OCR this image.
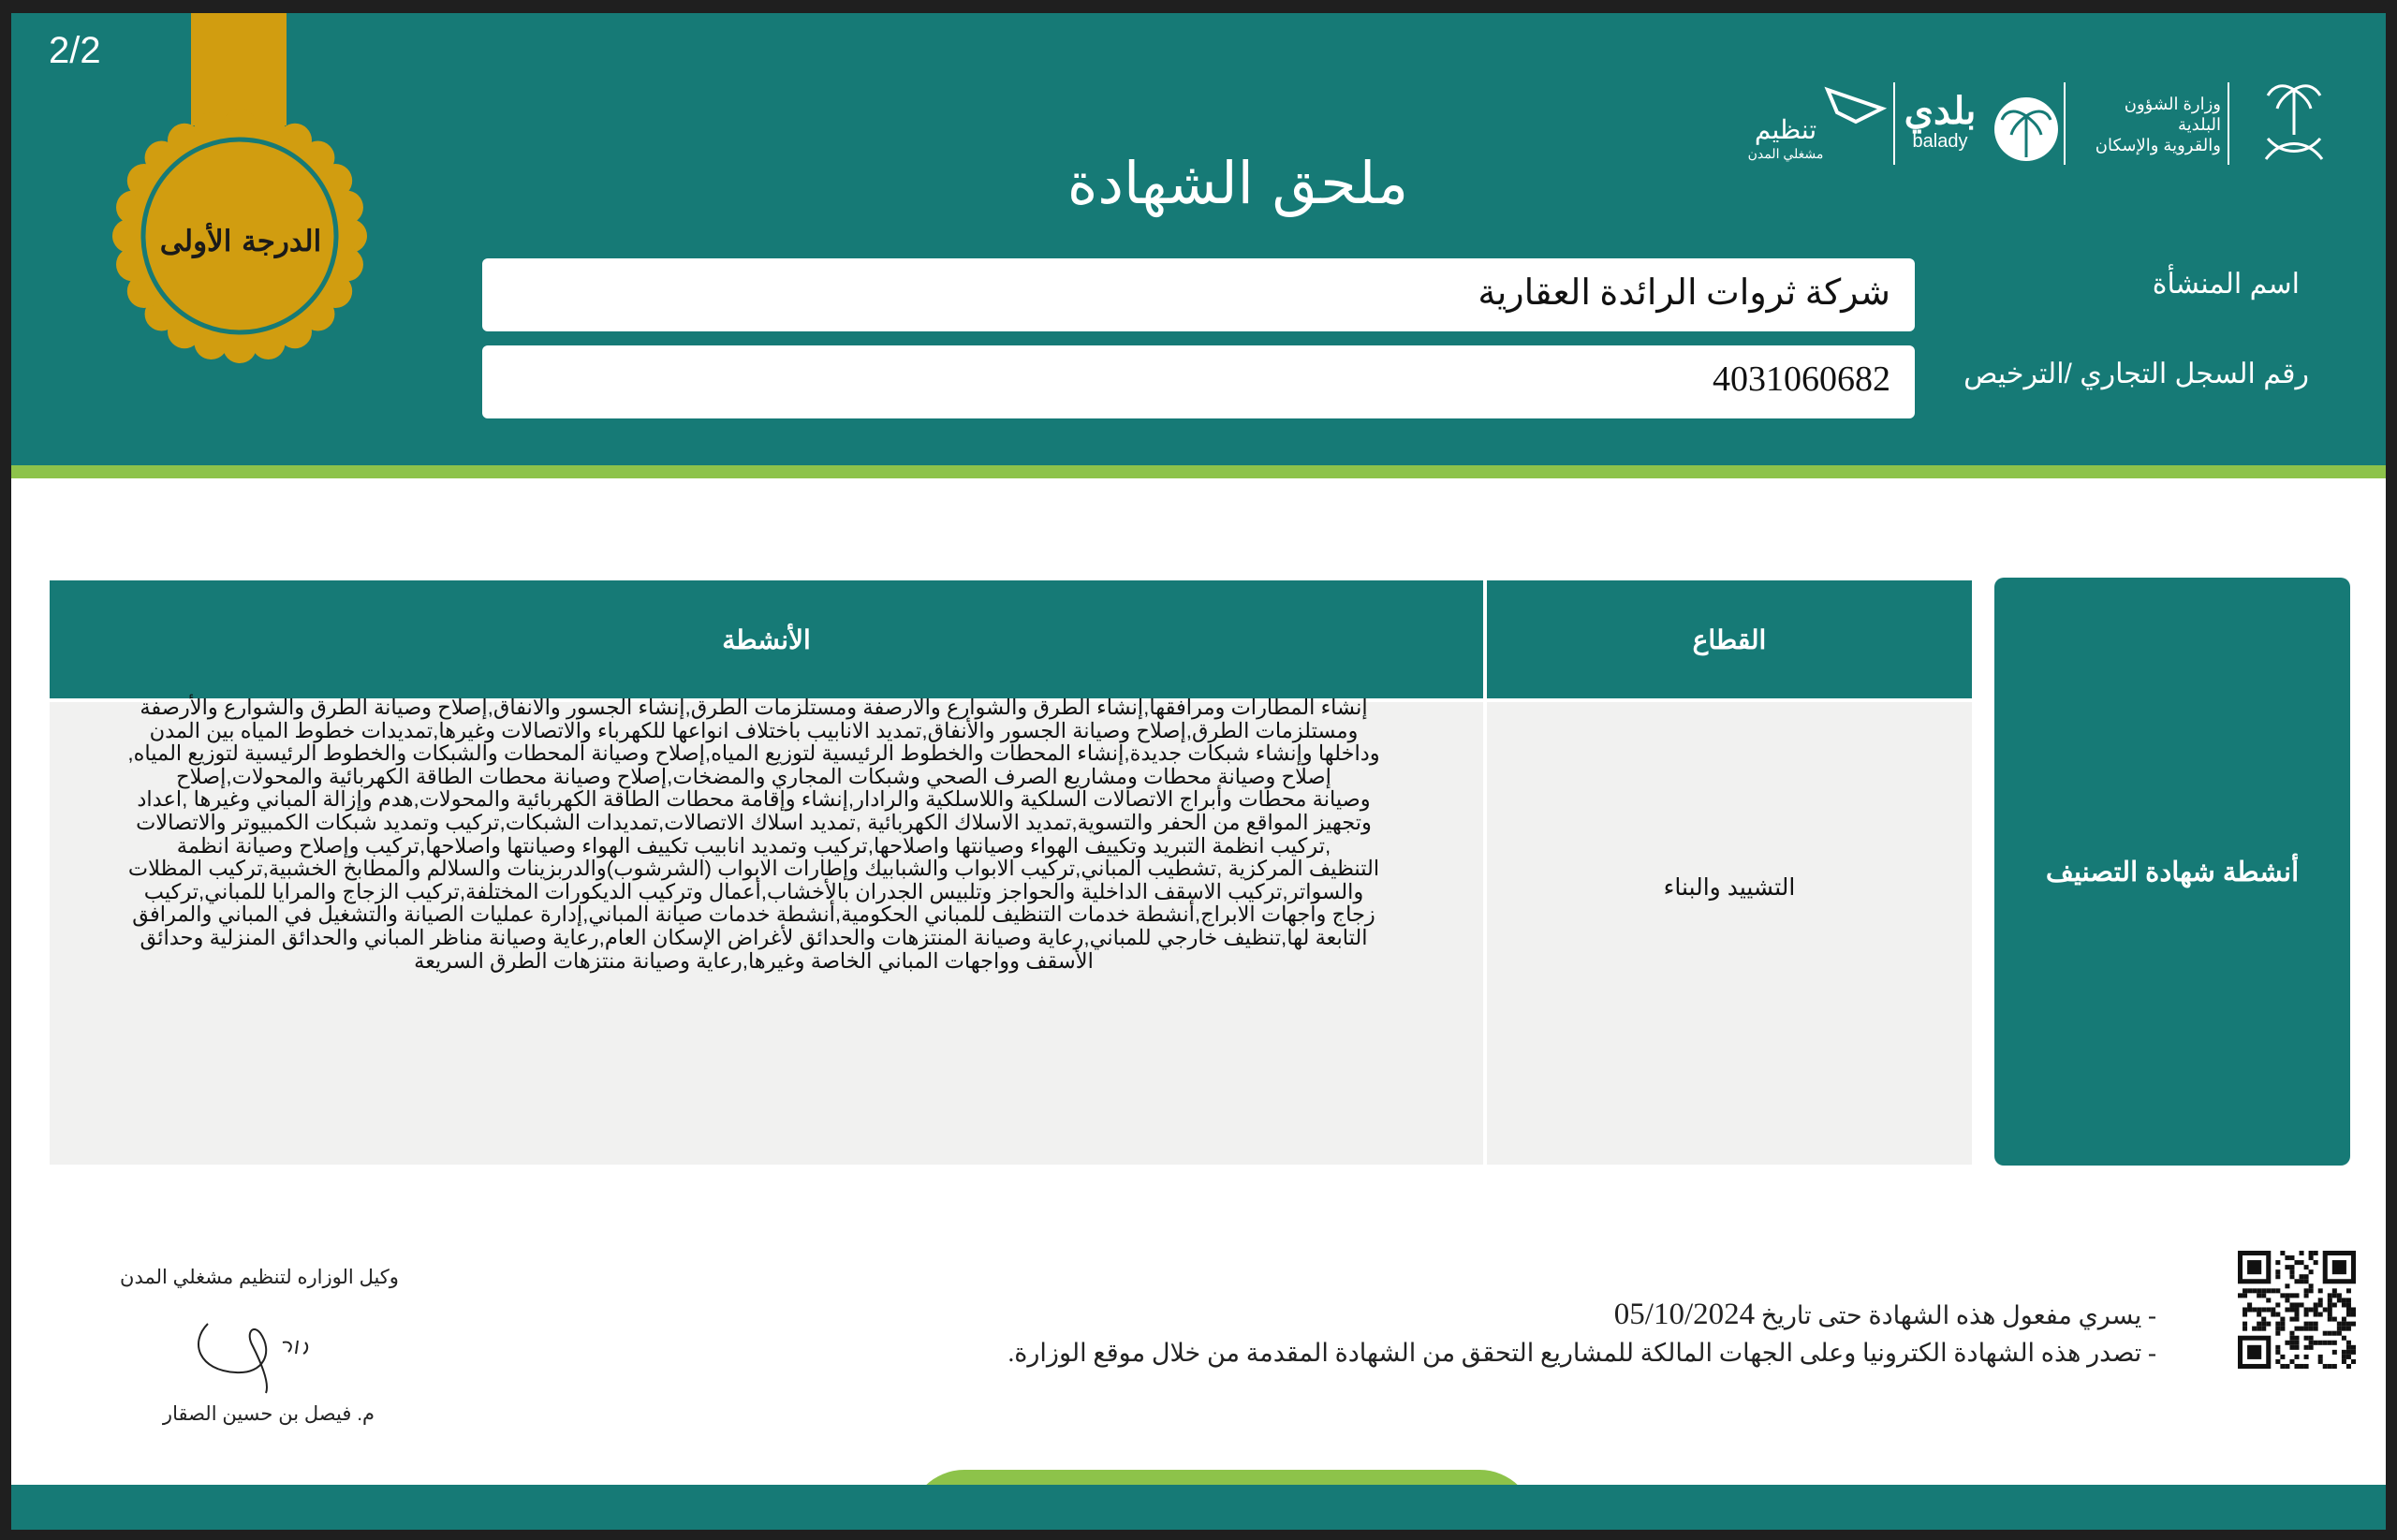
2/2
الدرجة الأولى
وزارة الشؤون البلدية
والقروية والإسكان
بلدي
balady
تنظيم
مشغلي المدن
ملحق الشهادة
اسم المنشأة
شركة ثروات الرائدة العقارية
رقم السجل التجاري /الترخيص
4031060682
أنشطة شهادة التصنيف
القطاع
الأنشطة
التشييد والبناء
إنشاء المطارات ومرافقها,إنشاء الطرق والشوارع والارصفة ومستلزمات الطرق,إنشاء الجسور والانفاق,إصلاح وصيانة الطرق والشوارع والأرصفة
ومستلزمات الطرق,إصلاح وصيانة الجسور والأنفاق,تمديد الانابيب باختلاف انواعها للكهرباء والاتصالات وغيرها,تمديدات خطوط المياه بين المدن
وداخلها وإنشاء شبكات جديدة,إنشاء المحطات والخطوط الرئيسية لتوزيع المياه,إصلاح وصيانة المحطات والشبكات والخطوط الرئيسية لتوزيع المياه,
إصلاح وصيانة محطات ومشاريع الصرف الصحي وشبكات المجاري والمضخات,إصلاح وصيانة محطات الطاقة الكهربائية والمحولات,إصلاح
وصيانة محطات وأبراج الاتصالات السلكية واللاسلكية والرادار,إنشاء وإقامة محطات الطاقة الكهربائية والمحولات,هدم وإزالة المباني وغيرها ,اعداد
وتجهيز المواقع من الحفر والتسوية,تمديد الاسلاك الكهربائية ,تمديد اسلاك الاتصالات,تمديدات الشبكات,تركيب وتمديد شبكات الكمبيوتر والاتصالات
,تركيب انظمة التبريد وتكييف الهواء وصيانتها واصلاحها,تركيب وتمديد انابيب تكييف الهواء وصيانتها واصلاحها,تركيب وإصلاح وصيانة انظمة
التنظيف المركزية ,تشطيب المباني,تركيب الابواب والشبابيك وإطارات الابواب (الشرشوب)والدربزينات والسلالم والمطابخ الخشبية,تركيب المظلات
والسواتر,تركيب الاسقف الداخلية والحواجز وتلبيس الجدران بالأخشاب,أعمال وتركيب الديكورات المختلفة,تركيب الزجاج والمرايا للمباني,تركيب
زجاج واجهات الابراج,أنشطة خدمات التنظيف للمباني الحكومية,أنشطة خدمات صيانة المباني,إدارة عمليات الصيانة والتشغيل في المباني والمرافق
التابعة لها,تنظيف خارجي للمباني,رعاية وصيانة المنتزهات والحدائق لأغراض الإسكان العام,رعاية وصيانة مناظر المباني والحدائق المنزلية وحدائق
الأسقف وواجهات المباني الخاصة وغيرها,رعاية وصيانة منتزهات الطرق السريعة
وكيل الوزاره لتنظيم مشغلي المدن
م. فيصل بن حسين الصقار
- يسري مفعول هذه الشهادة حتى تاريخ 05/10/2024
- تصدر هذه الشهادة الكترونيا وعلى الجهات المالكة للمشاريع التحقق من الشهادة المقدمة من خلال موقع الوزارة.
